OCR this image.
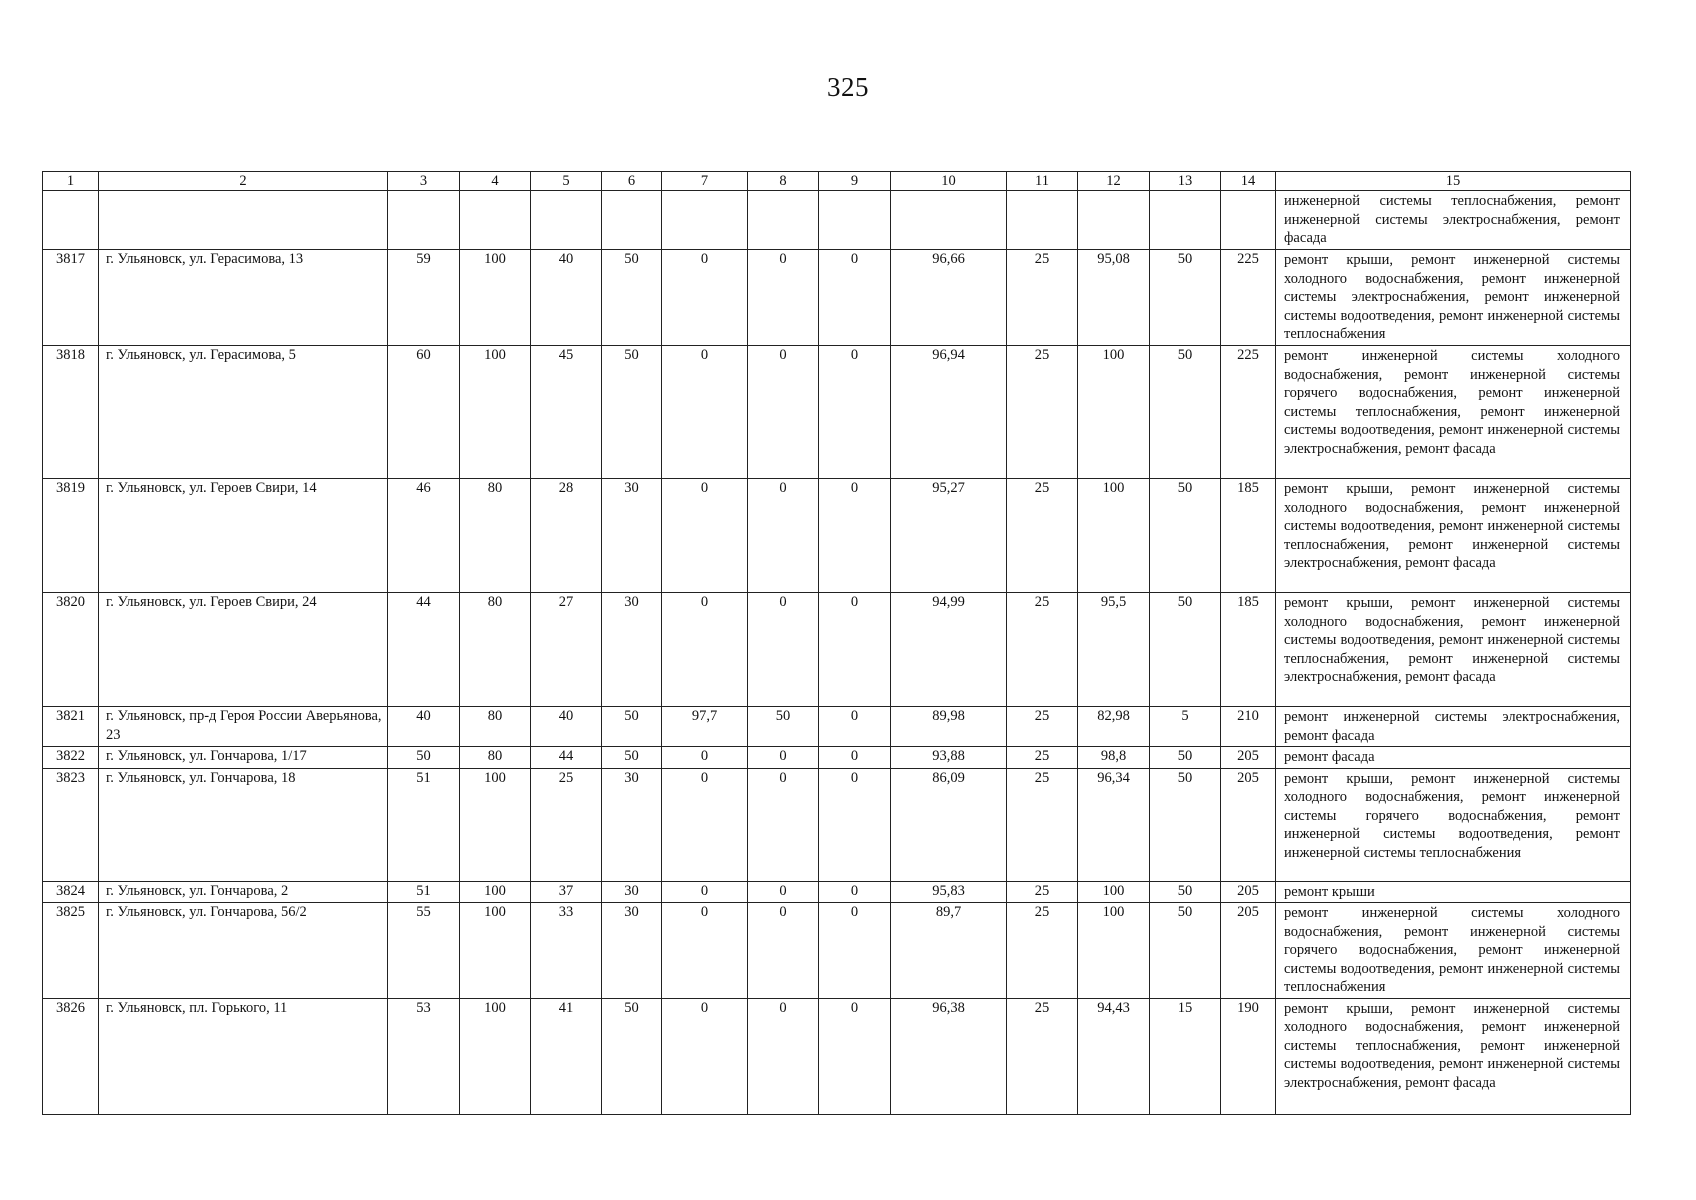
325
1	2	3	4	5	6	7	8	9	10	11	12	13	14	15
														инженерной системы теплоснабжения, ремонт инженерной системы электроснабжения, ремонт фасада
3817	г. Ульяновск, ул. Герасимова, 13	59	100	40	50	0	0	0	96,66	25	95,08	50	225	ремонт крыши, ремонт инженерной системы холодного водоснабжения, ремонт инженерной системы электроснабжения, ремонт инженерной системы водоотведения, ремонт инженерной системы теплоснабжения
3818	г. Ульяновск, ул. Герасимова, 5	60	100	45	50	0	0	0	96,94	25	100	50	225	ремонт инженерной системы холодного водоснабжения, ремонт инженерной системы горячего водоснабжения, ремонт инженерной системы теплоснабжения, ремонт инженерной системы водоотведения, ремонт инженерной системы электроснабжения, ремонт фасада
3819	г. Ульяновск, ул. Героев Свири, 14	46	80	28	30	0	0	0	95,27	25	100	50	185	ремонт крыши, ремонт инженерной системы холодного водоснабжения, ремонт инженерной системы водоотведения, ремонт инженерной системы теплоснабжения, ремонт инженерной системы электроснабжения, ремонт фасада
3820	г. Ульяновск, ул. Героев Свири, 24	44	80	27	30	0	0	0	94,99	25	95,5	50	185	ремонт крыши, ремонт инженерной системы холодного водоснабжения, ремонт инженерной системы водоотведения, ремонт инженерной системы теплоснабжения, ремонт инженерной системы электроснабжения, ремонт фасада
3821	г. Ульяновск, пр-д Героя России Аверьянова, 23	40	80	40	50	97,7	50	0	89,98	25	82,98	5	210	ремонт инженерной системы электроснабжения, ремонт фасада
3822	г. Ульяновск, ул. Гончарова, 1/17	50	80	44	50	0	0	0	93,88	25	98,8	50	205	ремонт фасада
3823	г. Ульяновск, ул. Гончарова, 18	51	100	25	30	0	0	0	86,09	25	96,34	50	205	ремонт крыши, ремонт инженерной системы холодного водоснабжения, ремонт инженерной системы горячего водоснабжения, ремонт инженерной системы водоотведения, ремонт инженерной системы теплоснабжения
3824	г. Ульяновск, ул. Гончарова, 2	51	100	37	30	0	0	0	95,83	25	100	50	205	ремонт крыши
3825	г. Ульяновск, ул. Гончарова, 56/2	55	100	33	30	0	0	0	89,7	25	100	50	205	ремонт инженерной системы холодного водоснабжения, ремонт инженерной системы горячего водоснабжения, ремонт инженерной системы водоотведения, ремонт инженерной системы теплоснабжения
3826	г. Ульяновск, пл. Горького, 11	53	100	41	50	0	0	0	96,38	25	94,43	15	190	ремонт крыши, ремонт инженерной системы холодного водоснабжения, ремонт инженерной системы теплоснабжения, ремонт инженерной системы водоотведения, ремонт инженерной системы электроснабжения, ремонт фасада
